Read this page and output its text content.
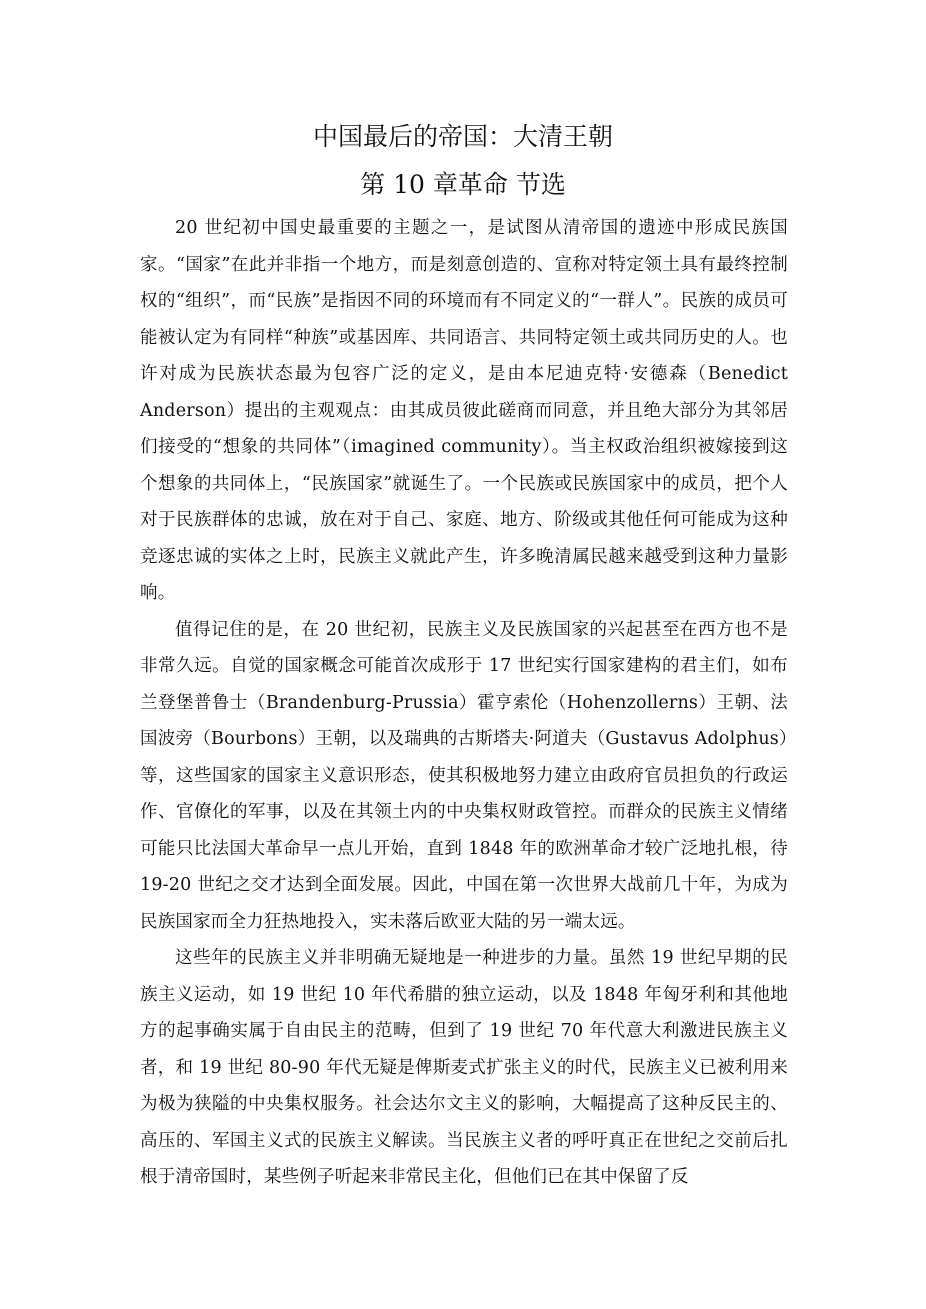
中国最后的帝国：大清王朝
第 10 章革命 节选

20 世纪初中国史最重要的主题之一，是试图从清帝国的遗迹中形成民族国家。“国家”在此并非指一个地方，而是刻意创造的、宣称对特定领土具有最终控制权的“组织”，而“民族”是指因不同的环境而有不同定义的“一群人”。民族的成员可能被认定为有同样“种族”或基因库、共同语言、共同特定领土或共同历史的人。也许对成为民族状态最为包容广泛的定义，是由本尼迪克特·安德森（Benedict Anderson）提出的主观观点：由其成员彼此磋商而同意，并且绝大部分为其邻居们接受的“想象的共同体”（imagined community）。当主权政治组织被嫁接到这个想象的共同体上，“民族国家”就诞生了。一个民族或民族国家中的成员，把个人对于民族群体的忠诚，放在对于自己、家庭、地方、阶级或其他任何可能成为这种竞逐忠诚的实体之上时，民族主义就此产生，许多晚清属民越来越受到这种力量影响。

值得记住的是，在 20 世纪初，民族主义及民族国家的兴起甚至在西方也不是非常久远。自觉的国家概念可能首次成形于 17 世纪实行国家建构的君主们，如布兰登堡普鲁士（Brandenburg-Prussia）霍亨索伦（Hohenzollerns）王朝、法国波旁（Bourbons）王朝，以及瑞典的古斯塔夫·阿道夫（Gustavus Adolphus）等，这些国家的国家主义意识形态，使其积极地努力建立由政府官员担负的行政运作、官僚化的军事，以及在其领土内的中央集权财政管控。而群众的民族主义情绪可能只比法国大革命早一点儿开始，直到 1848 年的欧洲革命才较广泛地扎根，待 19-20 世纪之交才达到全面发展。因此，中国在第一次世界大战前几十年，为成为民族国家而全力狂热地投入，实未落后欧亚大陆的另一端太远。

这些年的民族主义并非明确无疑地是一种进步的力量。虽然 19 世纪早期的民族主义运动，如 19 世纪 10 年代希腊的独立运动，以及 1848 年匈牙利和其他地方的起事确实属于自由民主的范畴，但到了 19 世纪 70 年代意大利激进民族主义者，和 19 世纪 80-90 年代无疑是俾斯麦式扩张主义的时代，民族主义已被利用来为极为狭隘的中央集权服务。社会达尔文主义的影响，大幅提高了这种反民主的、高压的、军国主义式的民族主义解读。当民族主义者的呼吁真正在世纪之交前后扎根于清帝国时，某些例子听起来非常民主化，但他们已在其中保留了反
